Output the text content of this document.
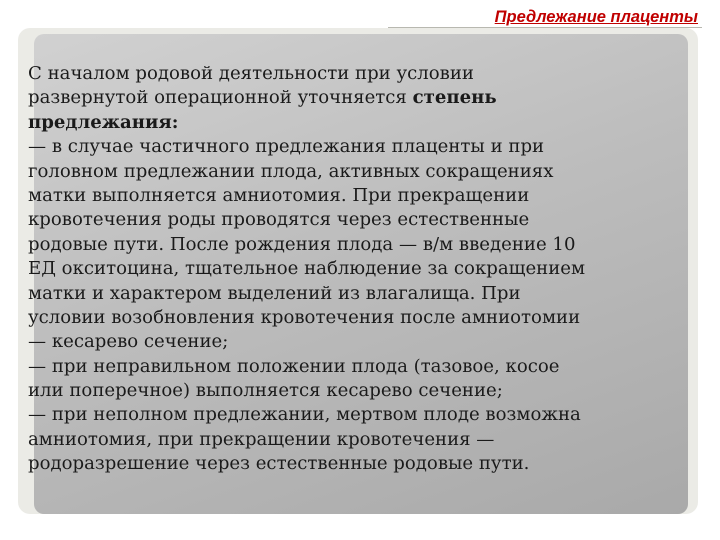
Предлежание плаценты
С началом родовой деятельности при условии
развернутой операционной уточняется степень
предлежания:
— в случае частичного предлежания плаценты и при
головном предлежании плода, активных сокращениях
матки выполняется амниотомия. При прекращении
кровотечения роды проводятся через естественные
родовые пути. После рождения плода — в/м введение 10
ЕД окситоцина, тщательное наблюдение за сокращением
матки и характером выделений из влагалища. При
условии возобновления кровотечения после амниотомии
— кесарево сечение;
— при неправильном положении плода (тазовое, косое
или поперечное) выполняется кесарево сечение;
— при неполном предлежании, мертвом плоде возможна
амниотомия, при прекращении кровотечения —
родоразрешение через естественные родовые пути.
